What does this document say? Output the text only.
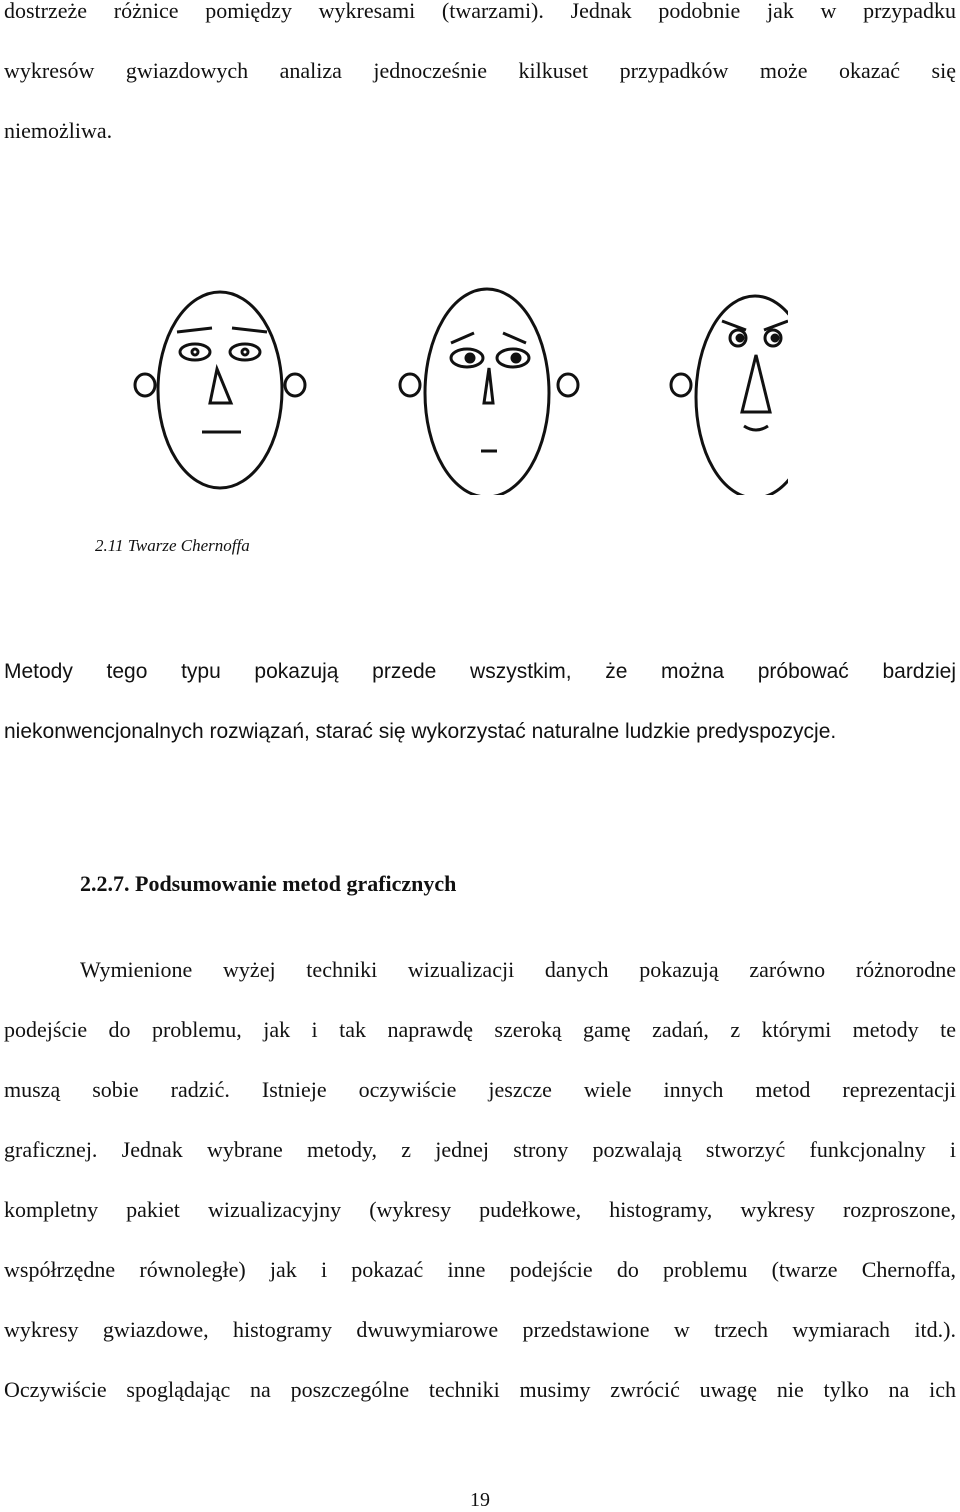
dostrzeże różnice pomiędzy wykresami (twarzami). Jednak podobnie jak w przypadku
wykresów gwiazdowych analiza jednocześnie kilkuset przypadków może okazać się
niemożliwa.
2.11 Twarze Chernoffa
Metody tego typu pokazują przede wszystkim, że można próbować bardziej
niekonwencjonalnych rozwiązań, starać się wykorzystać naturalne ludzkie predyspozycje.
2.2.7. Podsumowanie metod graficznych
Wymienione wyżej techniki wizualizacji danych pokazują zarówno różnorodne
podejście do problemu, jak i tak naprawdę szeroką gamę zadań, z którymi metody te
muszą sobie radzić. Istnieje oczywiście jeszcze wiele innych metod reprezentacji
graficznej. Jednak wybrane metody, z jednej strony pozwalają stworzyć funkcjonalny i
kompletny pakiet wizualizacyjny (wykresy pudełkowe, histogramy, wykresy rozproszone,
współrzędne równoległe) jak i pokazać inne podejście do problemu (twarze Chernoffa,
wykresy gwiazdowe, histogramy dwuwymiarowe przedstawione w trzech wymiarach itd.).
Oczywiście spoglądając na poszczególne techniki musimy zwrócić uwagę nie tylko na ich
19
